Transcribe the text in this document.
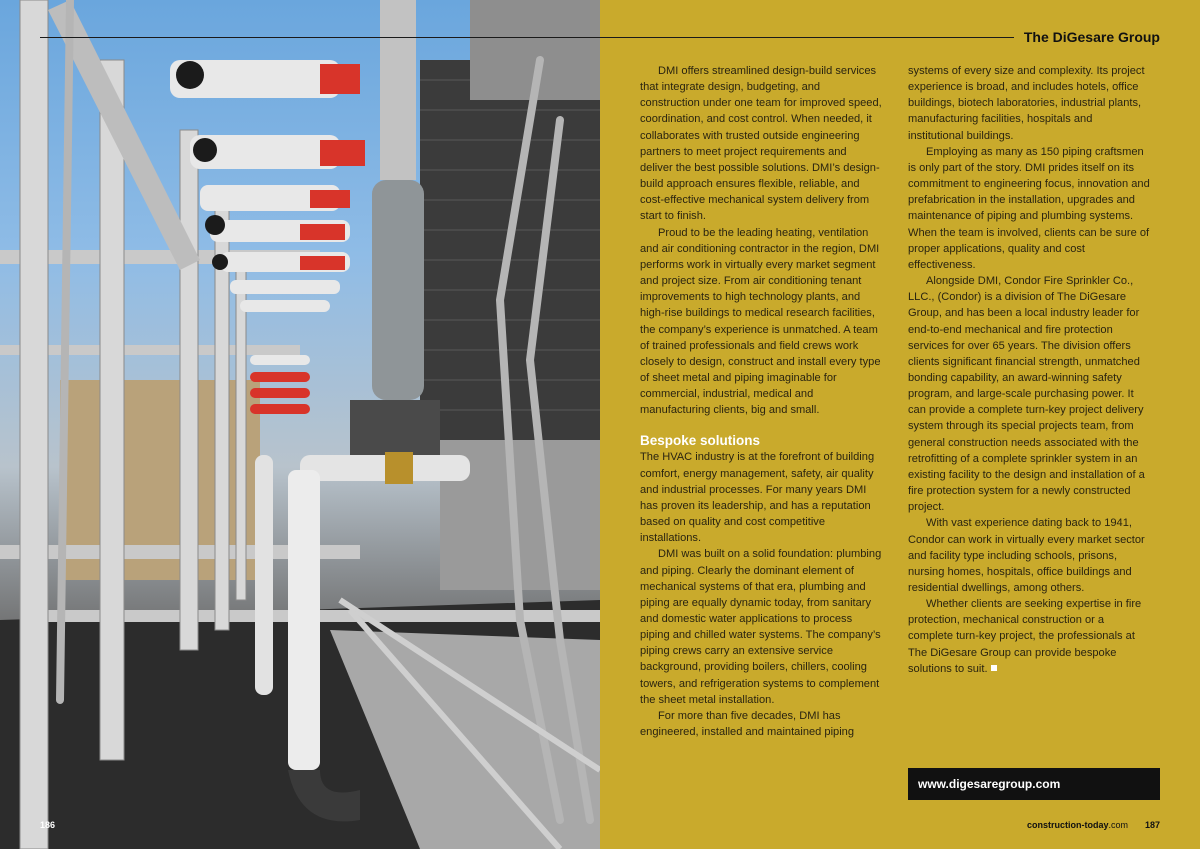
186
The DiGesare Group

DMI offers streamlined design-build services that integrate design, budgeting, and construction under one team for improved speed, coordination, and cost control. When needed, it collaborates with trusted outside engineering partners to meet project requirements and deliver the best possible solutions. DMI’s design-build approach ensures flexible, reliable, and cost-effective mechanical system delivery from start to finish.

Proud to be the leading heating, ventilation and air conditioning contractor in the region, DMI performs work in virtually every market segment and project size. From air conditioning tenant improvements to high technology plants, and high-rise buildings to medical research facilities, the company’s experience is unmatched. A team of trained professionals and field crews work closely to design, construct and install every type of sheet metal and piping imaginable for commercial, industrial, medical and manufacturing clients, big and small.

Bespoke solutions

The HVAC industry is at the forefront of building comfort, energy management, safety, air quality and industrial processes. For many years DMI has proven its leadership, and has a reputation based on quality and cost competitive installations.

DMI was built on a solid foundation: plumbing and piping. Clearly the dominant element of mechanical systems of that era, plumbing and piping are equally dynamic today, from sanitary and domestic water applications to process piping and chilled water systems. The company’s piping crews carry an extensive service background, providing boilers, chillers, cooling towers, and refrigeration systems to complement the sheet metal installation.

For more than five decades, DMI has engineered, installed and maintained piping

systems of every size and complexity. Its project experience is broad, and includes hotels, office buildings, biotech laboratories, industrial plants, manufacturing facilities, hospitals and institutional buildings.

Employing as many as 150 piping craftsmen is only part of the story. DMI prides itself on its commitment to engineering focus, innovation and prefabrication in the installation, upgrades and maintenance of piping and plumbing systems. When the team is involved, clients can be sure of proper applications, quality and cost effectiveness.

Alongside DMI, Condor Fire Sprinkler Co., LLC., (Condor) is a division of The DiGesare Group, and has been a local industry leader for end-to-end mechanical and fire protection services for over 65 years. The division offers clients significant financial strength, unmatched bonding capability, an award-winning safety program, and large-scale purchasing power. It can provide a complete turn-key project delivery system through its special projects team, from general construction needs associated with the retrofitting of a complete sprinkler system in an existing facility to the design and installation of a fire protection system for a newly constructed project.

With vast experience dating back to 1941, Condor can work in virtually every market sector and facility type including schools, prisons, nursing homes, hospitals, office buildings and residential dwellings, among others.

Whether clients are seeking expertise in fire protection, mechanical construction or a complete turn-key project, the professionals at The DiGesare Group can provide bespoke solutions to suit.

www.digesaregroup.com
construction-today.com 187
